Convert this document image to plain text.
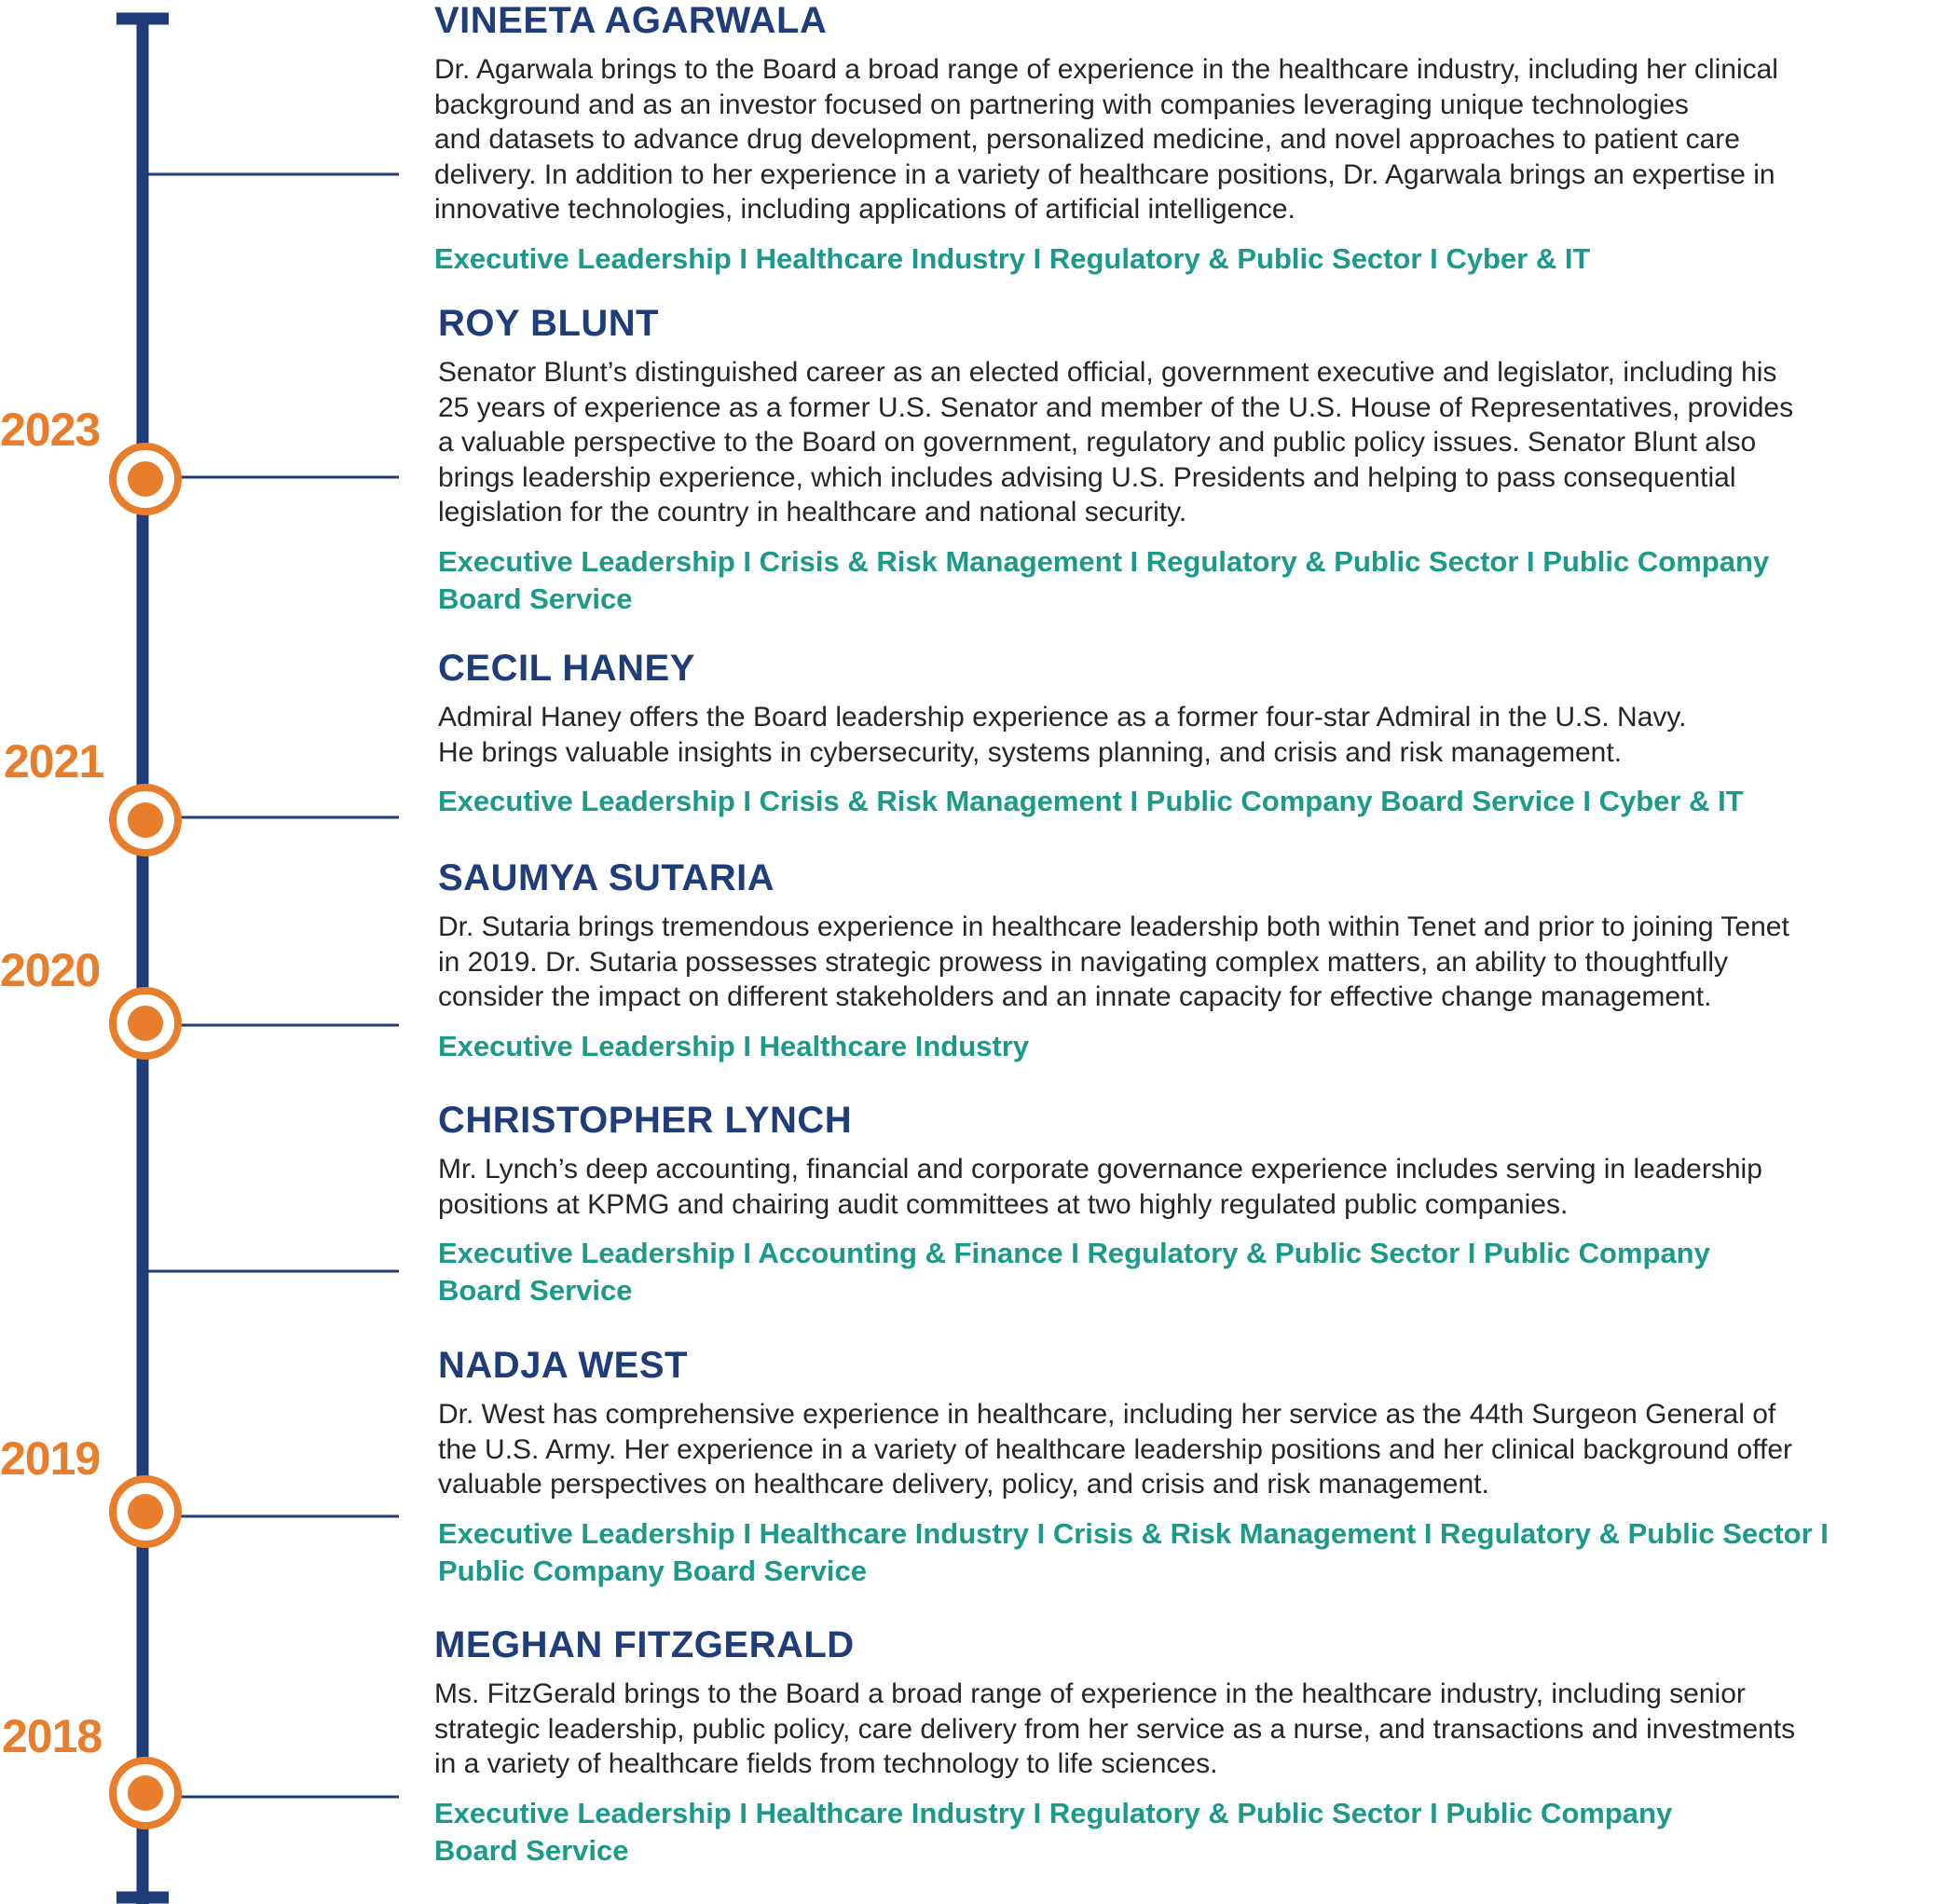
2023
2021
2020
2019
2018
VINEETA AGARWALA

Dr. Agarwala brings to the Board a broad range of experience in the healthcare industry, including her clinical
background and as an investor focused on partnering with companies leveraging unique technologies
and datasets to advance drug development, personalized medicine, and novel approaches to patient care
delivery. In addition to her experience in a variety of healthcare positions, Dr. Agarwala brings an expertise in
innovative technologies, including applications of artificial intelligence.

Executive Leadership I Healthcare Industry I Regulatory & Public Sector I Cyber & IT

ROY BLUNT

Senator Blunt’s distinguished career as an elected official, government executive and legislator, including his
25 years of experience as a former U.S. Senator and member of the U.S. House of Representatives, provides
a valuable perspective to the Board on government, regulatory and public policy issues. Senator Blunt also
brings leadership experience, which includes advising U.S. Presidents and helping to pass consequential
legislation for the country in healthcare and national security.

Executive Leadership I Crisis & Risk Management I Regulatory & Public Sector I Public Company
Board Service

CECIL HANEY

Admiral Haney offers the Board leadership experience as a former four-star Admiral in the U.S. Navy.
He brings valuable insights in cybersecurity, systems planning, and crisis and risk management.

Executive Leadership I Crisis & Risk Management I Public Company Board Service I Cyber & IT

SAUMYA SUTARIA

Dr. Sutaria brings tremendous experience in healthcare leadership both within Tenet and prior to joining Tenet
in 2019. Dr. Sutaria possesses strategic prowess in navigating complex matters, an ability to thoughtfully
consider the impact on different stakeholders and an innate capacity for effective change management.

Executive Leadership I Healthcare Industry

CHRISTOPHER LYNCH

Mr. Lynch’s deep accounting, financial and corporate governance experience includes serving in leadership
positions at KPMG and chairing audit committees at two highly regulated public companies.

Executive Leadership I Accounting & Finance I Regulatory & Public Sector I Public Company
Board Service

NADJA WEST

Dr. West has comprehensive experience in healthcare, including her service as the 44th Surgeon General of
the U.S. Army. Her experience in a variety of healthcare leadership positions and her clinical background offer
valuable perspectives on healthcare delivery, policy, and crisis and risk management.

Executive Leadership I Healthcare Industry I Crisis & Risk Management I Regulatory & Public Sector I
Public Company Board Service

MEGHAN FITZGERALD

Ms. FitzGerald brings to the Board a broad range of experience in the healthcare industry, including senior
strategic leadership, public policy, care delivery from her service as a nurse, and transactions and investments
in a variety of healthcare fields from technology to life sciences.

Executive Leadership I Healthcare Industry I Regulatory & Public Sector I Public Company
Board Service
